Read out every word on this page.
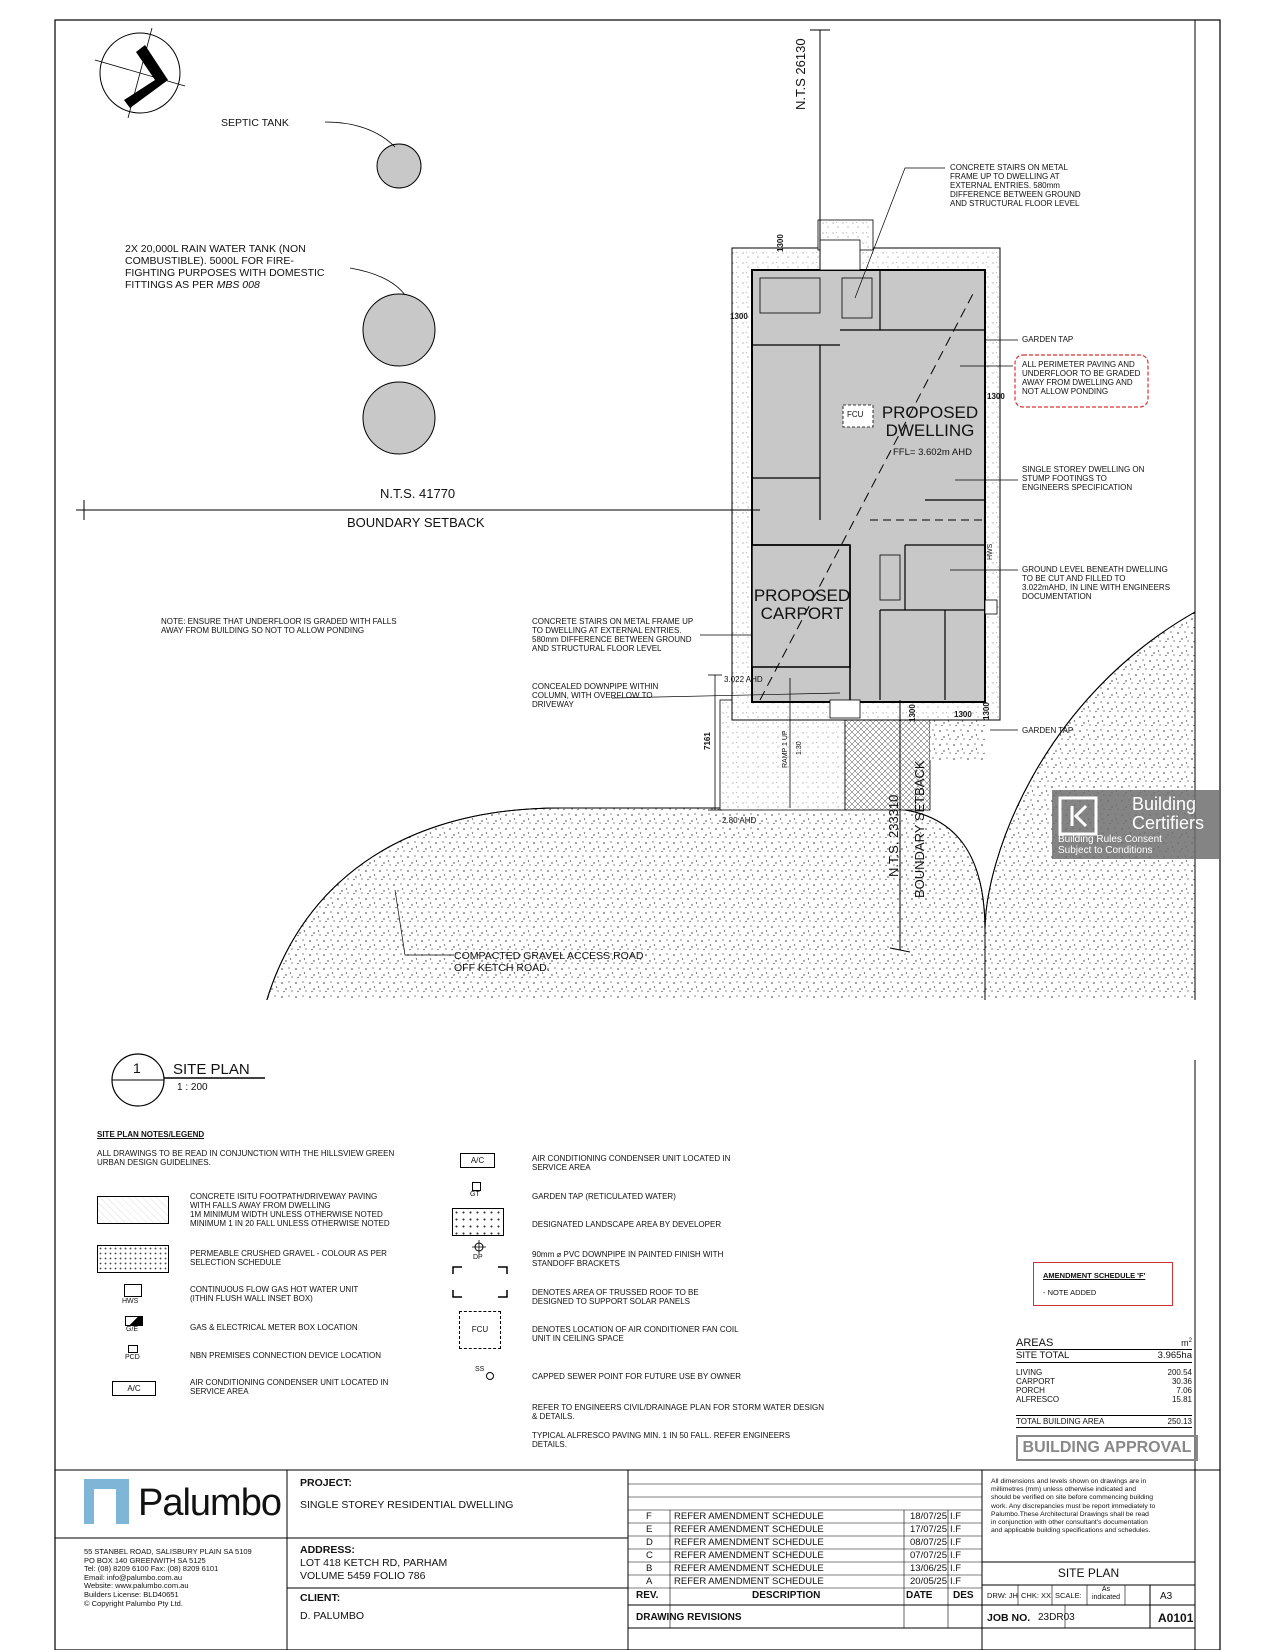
SEPTIC TANK
2X 20,000L RAIN WATER TANK (NON
COMBUSTIBLE). 5000L FOR FIRE-
FIGHTING PURPOSES WITH DOMESTIC
FITTINGS AS PER MBS 008
N.T.S 26130
N.T.S. 41770
BOUNDARY SETBACK
N.T.S. 233310 BOUNDARY SETBACK
PROPOSED
DWELLING
FFL= 3.602m AHD
PROPOSED
CARPORT
FCU
HWS
RAMP 1 UP 1:30
1300
1300
1300
1300	1300 1300
7161
3.022 AHD
2.80 AHD
NOTE: ENSURE THAT UNDERFLOOR IS GRADED WITH FALLS
AWAY FROM BUILDING SO NOT TO ALLOW PONDING
CONCRETE STAIRS ON METAL
FRAME UP TO DWELLING AT
EXTERNAL ENTRIES. 580mm
DIFFERENCE BETWEEN GROUND
AND STRUCTURAL FLOOR LEVEL
GARDEN TAP
ALL PERIMETER PAVING AND
UNDERFLOOR TO BE GRADED
AWAY FROM DWELLING AND
NOT ALLOW PONDING
SINGLE STOREY DWELLING ON
STUMP FOOTINGS TO
ENGINEERS SPECIFICATION
GROUND LEVEL BENEATH DWELLING
TO BE CUT AND FILLED TO
3.022mAHD, IN LINE WITH ENGINEERS
DOCUMENTATION
CONCRETE STAIRS ON METAL FRAME UP
TO DWELLING AT EXTERNAL ENTRIES.
580mm DIFFERENCE BETWEEN GROUND
AND STRUCTURAL FLOOR LEVEL
CONCEALED DOWNPIPE WITHIN
COLUMN, WITH OVERFLOW TO
DRIVEWAY
GARDEN TAP
COMPACTED GRAVEL ACCESS ROAD
OFF KETCH ROAD.
Building
Certifiers
Building Rules Consent
Subject to Conditions
1 SITE PLAN
1 : 200
SITE PLAN NOTES/LEGEND
ALL DRAWINGS TO BE READ IN CONJUNCTION WITH THE HILLSVIEW GREEN
URBAN DESIGN GUIDELINES.
CONCRETE ISITU FOOTPATH/DRIVEWAY PAVING
WITH FALLS AWAY FROM DWELLING
1M MINIMUM WIDTH UNLESS OTHERWISE NOTED
MINIMUM 1 IN 20 FALL UNLESS OTHERWISE NOTED
PERMEABLE CRUSHED GRAVEL - COLOUR AS PER
SELECTION SCHEDULE
HWS
CONTINUOUS FLOW GAS HOT WATER UNIT
(ITHIN FLUSH WALL INSET BOX)
G/E	GAS & ELECTRICAL METER BOX LOCATION
PCD	NBN PREMISES CONNECTION DEVICE LOCATION
A/C
AIR CONDITIONING CONDENSER UNIT LOCATED IN
SERVICE AREA
A/C	AIR CONDITIONING CONDENSER UNIT LOCATED IN
SERVICE AREA
GT	GARDEN TAP (RETICULATED WATER)
DESIGNATED LANDSCAPE AREA BY DEVELOPER
DP	90mm ⌀ PVC DOWNPIPE IN PAINTED FINISH WITH
STANDOFF BRACKETS
DENOTES AREA OF TRUSSED ROOF TO BE
DESIGNED TO SUPPORT SOLAR PANELS
FCU	DENOTES LOCATION OF AIR CONDITIONER FAN COIL
UNIT IN CEILING SPACE
SS
CAPPED SEWER POINT FOR FUTURE USE BY OWNER
REFER TO ENGINEERS CIVIL/DRAINAGE PLAN FOR STORM WATER DESIGN
& DETAILS.
TYPICAL ALFRESCO PAVING MIN. 1 IN 50 FALL. REFER ENGINEERS
DETAILS.
AMENDMENT SCHEDULE 'F'
- NOTE ADDED
AREAS	$m^2$
SITE TOTAL	3.965ha
LIVING	200.54
CARPORT	30.36
PORCH	7.06
ALFRESCO	15.81
TOTAL BUILDING AREA	250.13
BUILDING APPROVAL
Palumbo
55 STANBEL ROAD, SALISBURY PLAIN SA 5109
PO BOX 140 GREENWITH SA 5125
Tel: (08) 8209 6100 Fax: (08) 8209 6101
Email: info@palumbo.com.au
Website: www.palumbo.com.au
Builders License: BLD40651
© Copyright Palumbo Pty Ltd.
PROJECT:
SINGLE STOREY RESIDENTIAL DWELLING
ADDRESS:
LOT 418 KETCH RD, PARHAM
VOLUME 5459 FOLIO 786
CLIENT:
D. PALUMBO
F REFER AMENDMENT SCHEDULE	18/07/25 I.F
E REFER AMENDMENT SCHEDULE	17/07/25 I.F
D REFER AMENDMENT SCHEDULE	08/07/25 I.F
C REFER AMENDMENT SCHEDULE	07/07/25 I.F
B REFER AMENDMENT SCHEDULE	13/06/25 I.F
A REFER AMENDMENT SCHEDULE	20/05/25 I.F
REV.	DESCRIPTION	DATE DES
DRAWING REVISIONS
All dimensions and levels shown on drawings are in
millimetres (mm) unless otherwise indicated and
should be verified on site before commencing building
work. Any discrepancies must be report immediately to
Palumbo.These Architectural Drawings shall be read
in conjunction with other consultant's documentation
and applicable building specifications and schedules.
SITE PLAN
DRW: JH CHK: XX SCALE:
As
indicated	A3
JOB NO. 23DR03	A0101
